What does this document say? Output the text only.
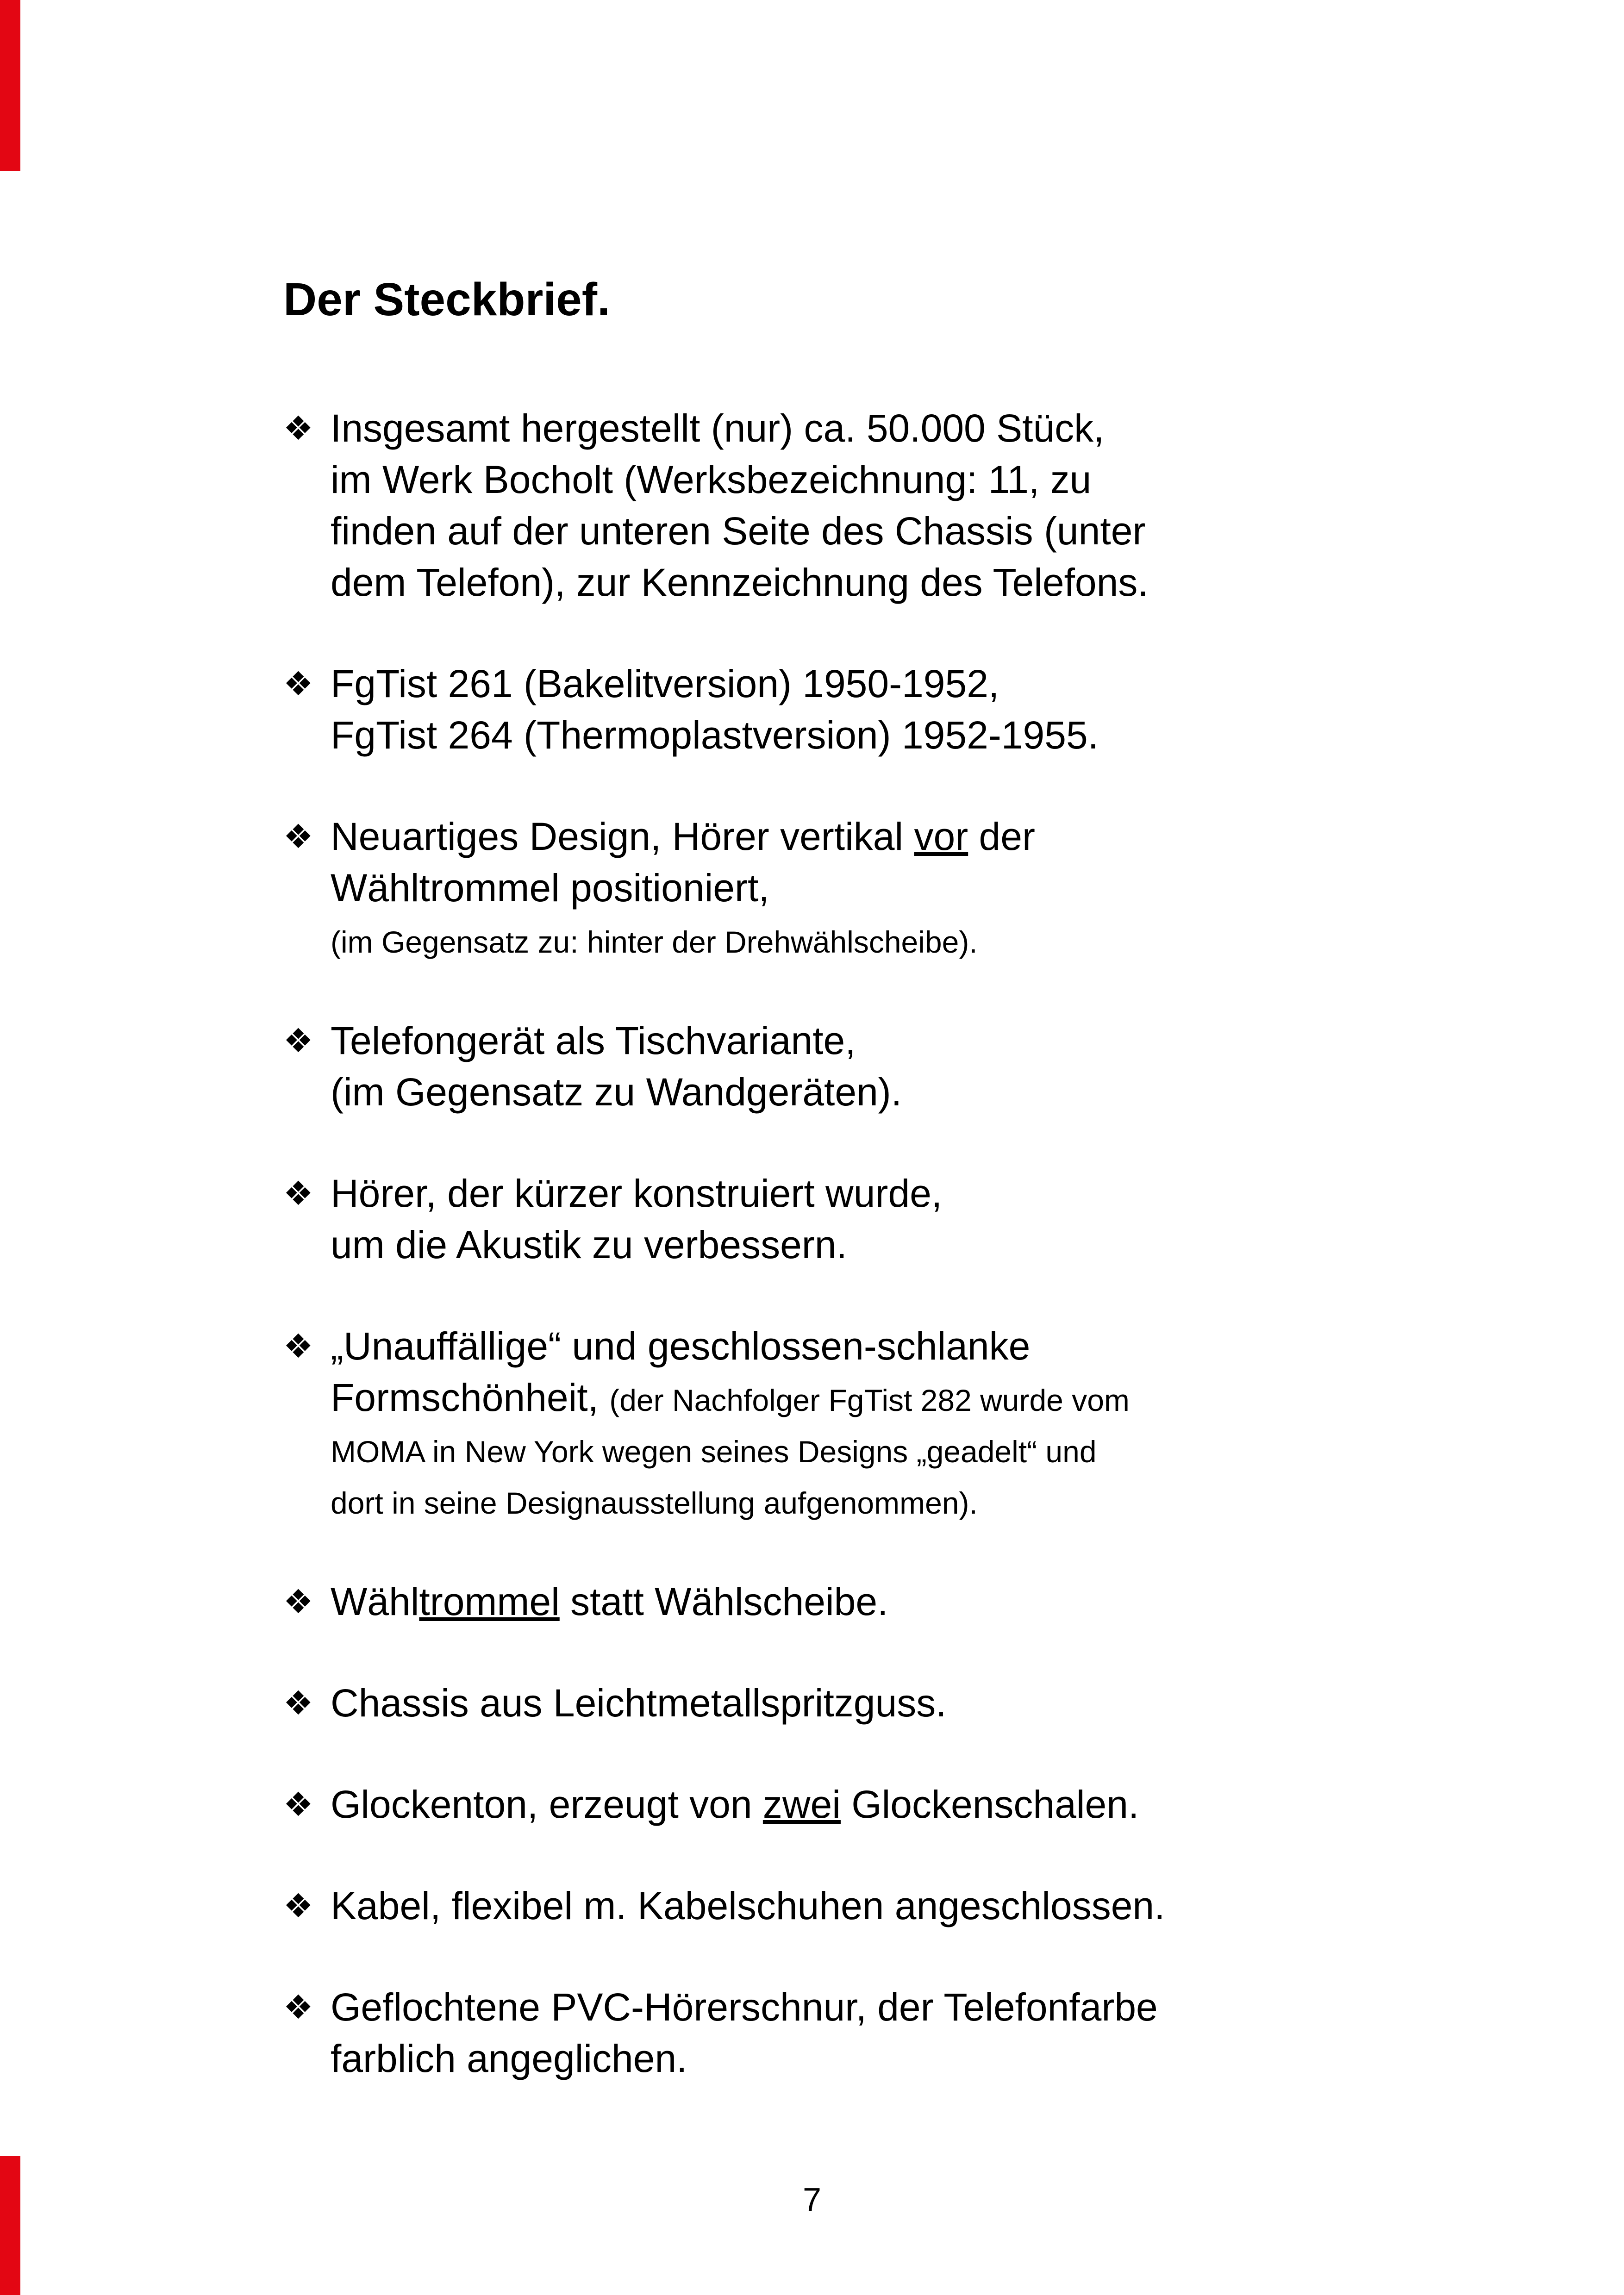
Der Steckbrief.
❖ Insgesamt hergestellt (nur) ca. 50.000 Stück,
im Werk Bocholt (Werksbezeichnung: 11, zu
finden auf der unteren Seite des Chassis (unter
dem Telefon), zur Kennzeichnung des Telefons.
❖ FgTist 261 (Bakelitversion) 1950-1952,
FgTist 264 (Thermoplastversion) 1952-1955.
❖ Neuartiges Design, Hörer vertikal vor der
Wähltrommel positioniert,
(im Gegensatz zu: hinter der Drehwählscheibe).
❖ Telefongerät als Tischvariante,
(im Gegensatz zu Wandgeräten).
❖ Hörer, der kürzer konstruiert wurde,
um die Akustik zu verbessern.
❖ „Unauffällige“ und geschlossen-schlanke
Formschönheit, (der Nachfolger FgTist 282 wurde vom
MOMA in New York wegen seines Designs „geadelt“ und
dort in seine Designausstellung aufgenommen).
❖ Wähltrommel statt Wählscheibe.
❖ Chassis aus Leichtmetallspritzguss.
❖ Glockenton, erzeugt von zwei Glockenschalen.
❖ Kabel, flexibel m. Kabelschuhen angeschlossen.
❖ Geflochtene PVC-Hörerschnur, der Telefonfarbe
farblich angeglichen.
7
